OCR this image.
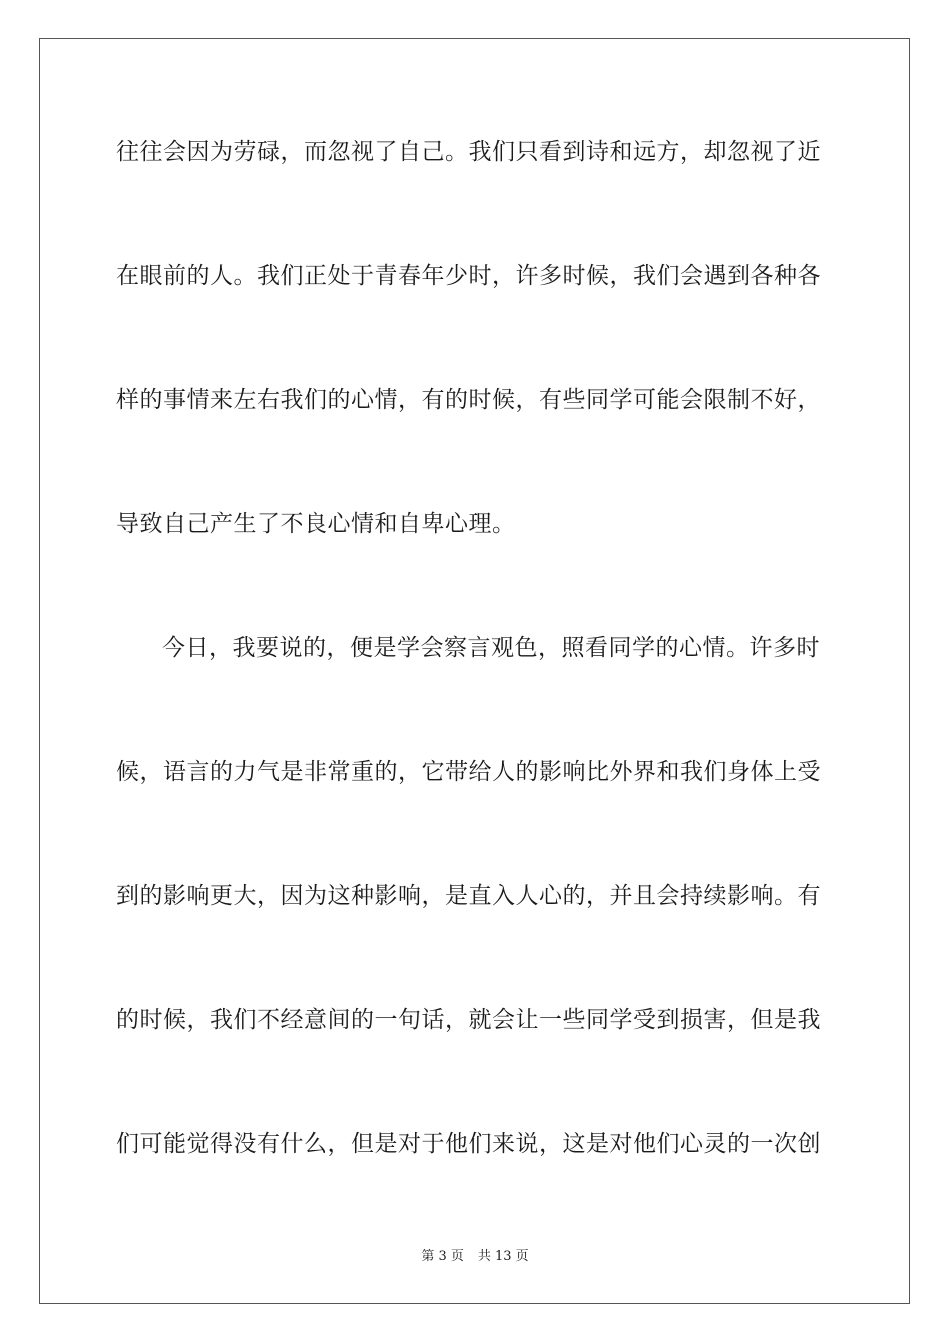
往往会因为劳碌，而忽视了自己。我们只看到诗和远方，却忽视了近
在眼前的人。我们正处于青春年少时，许多时候，我们会遇到各种各
样的事情来左右我们的心情，有的时候，有些同学可能会限制不好，
导致自己产生了不良心情和自卑心理。
今日，我要说的，便是学会察言观色，照看同学的心情。许多时
候，语言的力气是非常重的，它带给人的影响比外界和我们身体上受
到的影响更大，因为这种影响，是直入人心的，并且会持续影响。有
的时候，我们不经意间的一句话，就会让一些同学受到损害，但是我
们可能觉得没有什么，但是对于他们来说，这是对他们心灵的一次创
第 3 页 共 13 页
